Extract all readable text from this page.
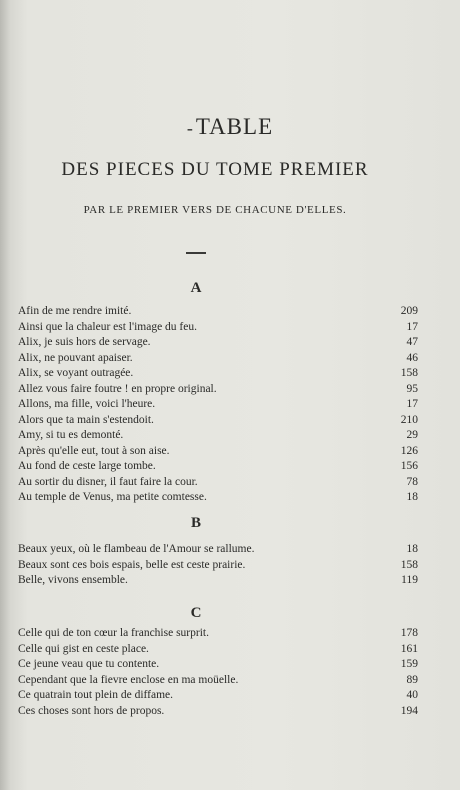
-TABLE
DES PIECES DU TOME PREMIER
PAR LE PREMIER VERS DE CHACUNE D'ELLES.
A
Afin de me rendre imité.	209
Ainsi que la chaleur est l'image du feu.	17
Alix, je suis hors de servage.	47
Alix, ne pouvant apaiser.	46
Alix, se voyant outragée.	158
Allez vous faire foutre ! en propre original.	95
Allons, ma fille, voici l'heure.	17
Alors que ta main s'estendoit.	210
Amy, si tu es demonté.	29
Après qu'elle eut, tout à son aise.	126
Au fond de ceste large tombe.	156
Au sortir du disner, il faut faire la cour.	78
Au temple de Venus, ma petite comtesse.	18
B
Beaux yeux, où le flambeau de l'Amour se rallume.	18
Beaux sont ces bois espais, belle est ceste prairie.	158
Belle, vivons ensemble.	119
C
Celle qui de ton cœur la franchise surprit.	178
Celle qui gist en ceste place.	161
Ce jeune veau que tu contente.	159
Cependant que la fievre enclose en ma moüelle.	89
Ce quatrain tout plein de diffame.	40
Ces choses sont hors de propos.	194
